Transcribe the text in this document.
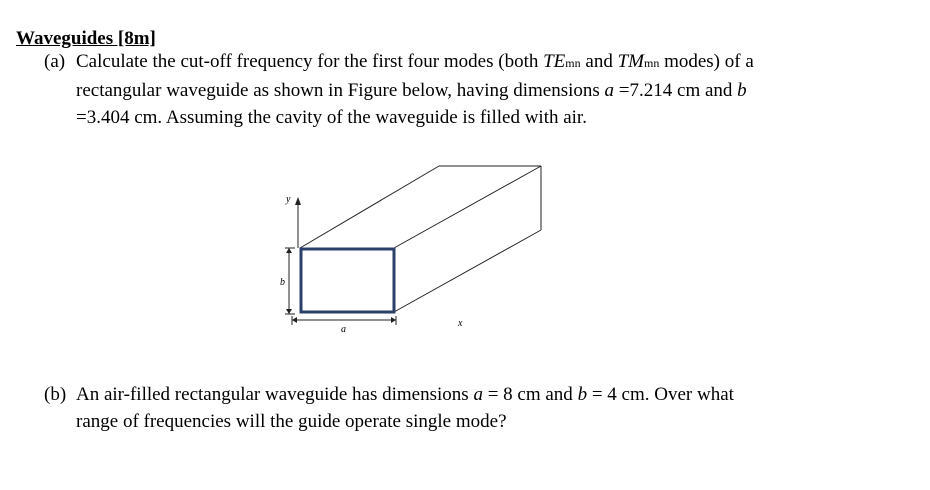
Waveguides [8m]
(a) Calculate the cut-off frequency for the first four modes (both TEmn and TMmn modes) of a
rectangular waveguide as shown in Figure below, having dimensions a =7.214 cm and b
=3.404 cm. Assuming the cavity of the waveguide is filled with air.
y
b
a
x
(b) An air-filled rectangular waveguide has dimensions a = 8 cm and b = 4 cm. Over what
range of frequencies will the guide operate single mode?
